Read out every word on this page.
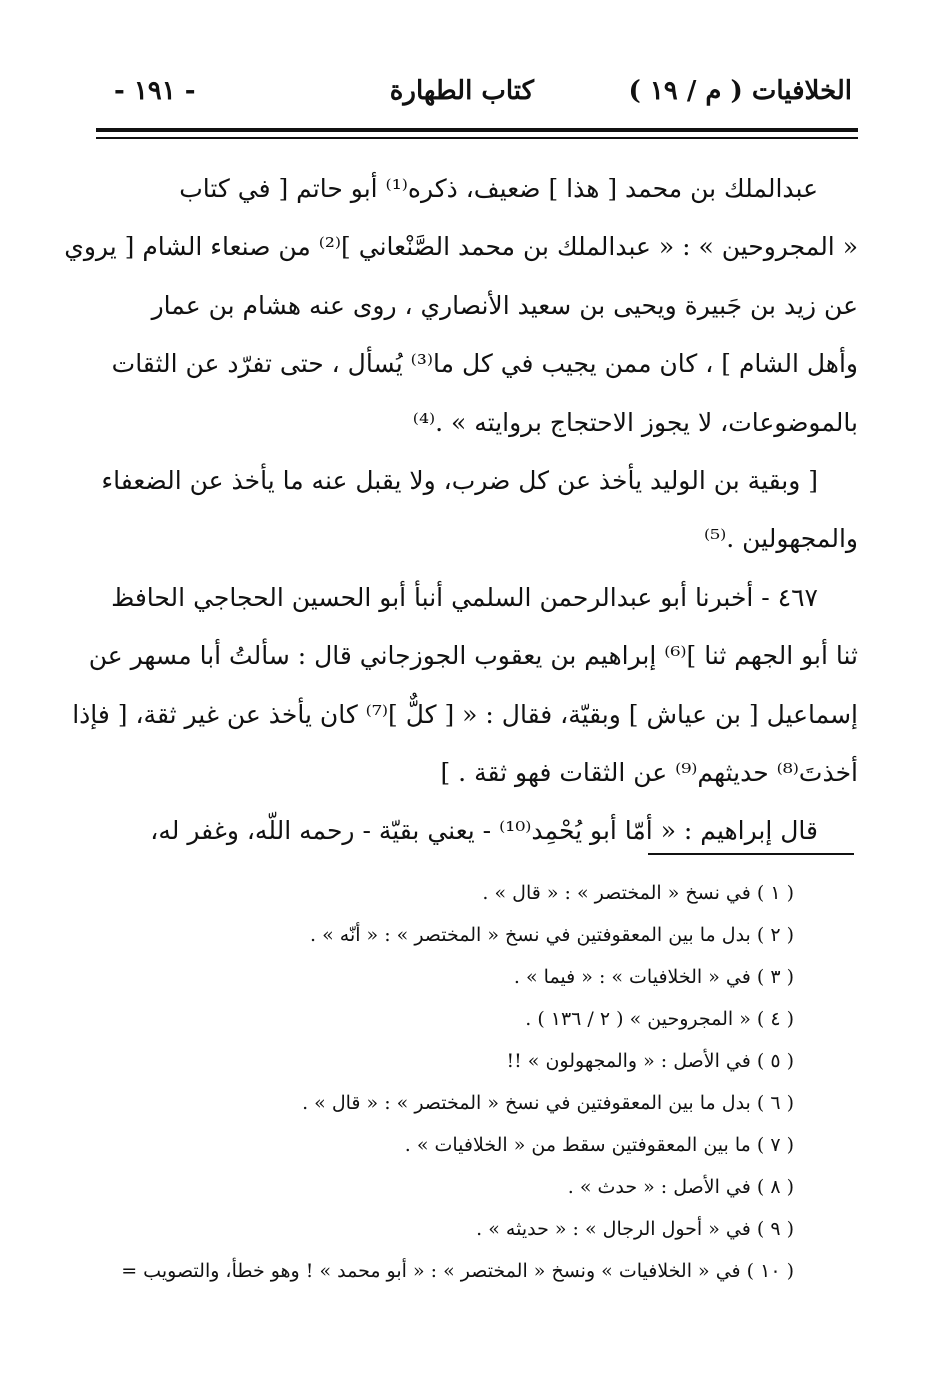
الخلافيات ( م / ١٩ )
كتاب الطهارة
- ١٩١ -
عبدالملك بن محمد [ هذا ] ضعيف، ذكره⁽¹⁾ أبو حاتم [ في كتاب
« المجروحين » : « عبدالملك بن محمد الصَّنْعاني ]⁽²⁾ من صنعاء الشام [ يروي
عن زيد بن جَبيرة ويحيى بن سعيد الأنصاري ، روى عنه هشام بن عمار
وأهل الشام ] ، كان ممن يجيب في كل ما⁽³⁾ يُسأل ، حتى تفرّد عن الثقات
بالموضوعات، لا يجوز الاحتجاج بروايته » .⁽⁴⁾
[ وبقية بن الوليد يأخذ عن كل ضرب، ولا يقبل عنه ما يأخذ عن الضعفاء
والمجهولين .⁽⁵⁾
٤٦٧ - أخبرنا أبو عبدالرحمن السلمي أنبأ أبو الحسين الحجاجي الحافظ
ثنا أبو الجهم ثنا ]⁽⁶⁾ إبراهيم بن يعقوب الجوزجاني قال : سألتُ أبا مسهر عن
إسماعيل [ بن عياش ] وبقيّة، فقال : « [ كلٌّ ]⁽⁷⁾ كان يأخذ عن غير ثقة، [ فإذا
أخذتَ⁽⁸⁾ حديثهم⁽⁹⁾ عن الثقات فهو ثقة . ]
قال إبراهيم : « أمّا أبو يُحْمِد⁽¹⁰⁾ - يعني بقيّة - رحمه اللّه، وغفر له،
( ١ ) في نسخ « المختصر » : « قال » .
( ٢ ) بدل ما بين المعقوفتين في نسخ « المختصر » : « أنّه » .
( ٣ ) في « الخلافيات » : « فيما » .
( ٤ ) « المجروحين » ( ٢ / ١٣٦ ) .
( ٥ ) في الأصل : « والمجهولون » !!
( ٦ ) بدل ما بين المعقوفتين في نسخ « المختصر » : « قال » .
( ٧ ) ما بين المعقوفتين سقط من « الخلافيات » .
( ٨ ) في الأصل : « حدث » .
( ٩ ) في « أحول الرجال » : « حديثه » .
( ١٠ ) في « الخلافيات » ونسخ « المختصر » : « أبو محمد » ! وهو خطأ، والتصويب =
